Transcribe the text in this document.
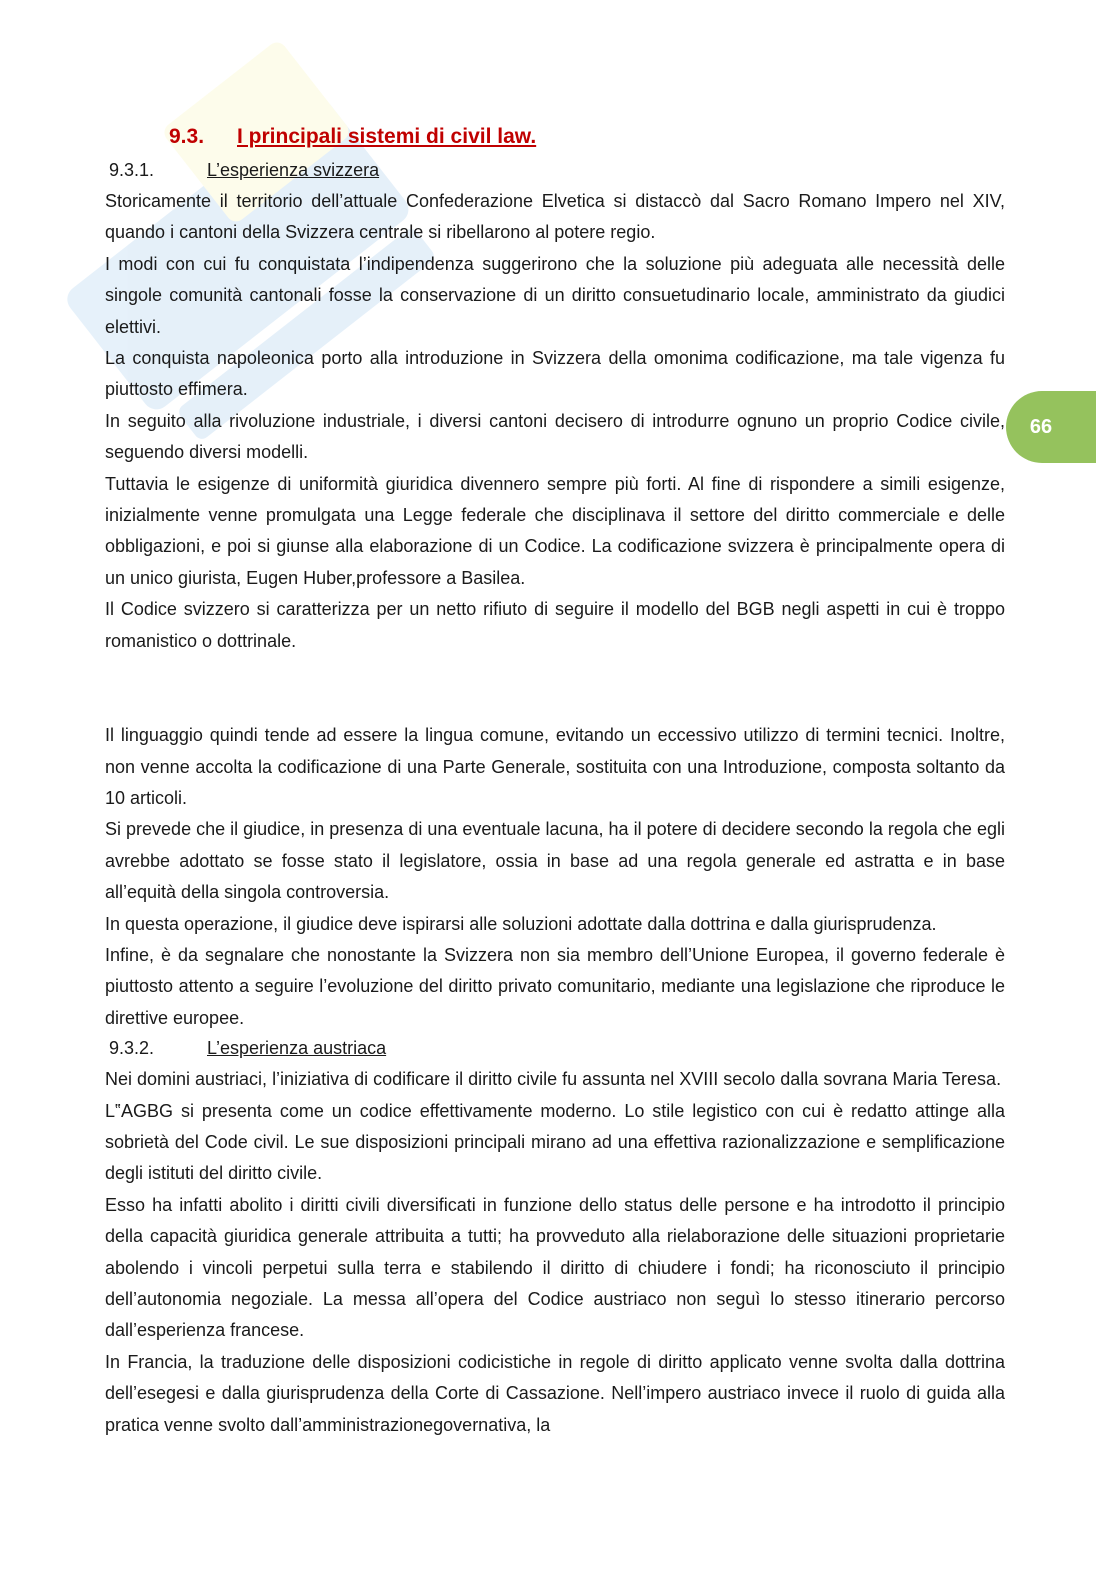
66
9.3. I principali sistemi di civil law.
9.3.1.	L’esperienza svizzera

Storicamente il territorio dell’attuale Confederazione Elvetica si distaccò dal Sacro Romano Impero nel XIV, quando i cantoni della Svizzera centrale si ribellarono al potere regio.

I modi con cui fu conquistata l’indipendenza suggerirono che la soluzione più adeguata alle necessità delle singole comunità cantonali fosse la conservazione di un diritto consuetudinario locale, amministrato da giudici elettivi.

La conquista napoleonica porto alla introduzione in Svizzera della omonima codificazione, ma tale vigenza fu piuttosto effimera.

In seguito alla rivoluzione industriale, i diversi cantoni decisero di introdurre ognuno un proprio Codice civile, seguendo diversi modelli.

Tuttavia le esigenze di uniformità giuridica divennero sempre più forti. Al fine di rispondere a simili esigenze, inizialmente venne promulgata una Legge federale che disciplinava il settore del diritto commerciale e delle obbligazioni, e poi si giunse alla elaborazione di un Codice. La codificazione svizzera è principalmente opera di un unico giurista, Eugen Huber,professore a Basilea.

Il Codice svizzero si caratterizza per un netto rifiuto di seguire il modello del BGB negli aspetti in cui è troppo romanistico o dottrinale.

Il linguaggio quindi tende ad essere la lingua comune, evitando un eccessivo utilizzo di termini tecnici. Inoltre, non venne accolta la codificazione di una Parte Generale, sostituita con una Introduzione, composta soltanto da 10 articoli.

Si prevede che il giudice, in presenza di una eventuale lacuna, ha il potere di decidere secondo la regola che egli avrebbe adottato se fosse stato il legislatore, ossia in base ad una regola generale ed astratta e in base all’equità della singola controversia.

In questa operazione, il giudice deve ispirarsi alle soluzioni adottate dalla dottrina e dalla giurisprudenza.

Infine, è da segnalare che nonostante la Svizzera non sia membro dell’Unione Europea, il governo federale è piuttosto attento a seguire l’evoluzione del diritto privato comunitario, mediante una legislazione che riproduce le direttive europee.

9.3.2.	L’esperienza austriaca

Nei domini austriaci, l’iniziativa di codificare il diritto civile fu assunta nel XVIII secolo dalla sovrana Maria Teresa.

L‟AGBG si presenta come un codice effettivamente moderno. Lo stile legistico con cui è redatto attinge alla sobrietà del Code civil. Le sue disposizioni principali mirano ad una effettiva razionalizzazione e semplificazione degli istituti del diritto civile.

Esso ha infatti abolito i diritti civili diversificati in funzione dello status delle persone e ha introdotto il principio della capacità giuridica generale attribuita a tutti; ha provveduto alla rielaborazione delle situazioni proprietarie abolendo i vincoli perpetui sulla terra e stabilendo il diritto di chiudere i fondi; ha riconosciuto il principio dell’autonomia negoziale. La messa all’opera del Codice austriaco non seguì lo stesso itinerario percorso dall’esperienza francese.

In Francia, la traduzione delle disposizioni codicistiche in regole di diritto applicato venne svolta dalla dottrina dell’esegesi e dalla giurisprudenza della Corte di Cassazione. Nell’impero austriaco invece il ruolo di guida alla pratica venne svolto dall’amministrazionegovernativa, la
